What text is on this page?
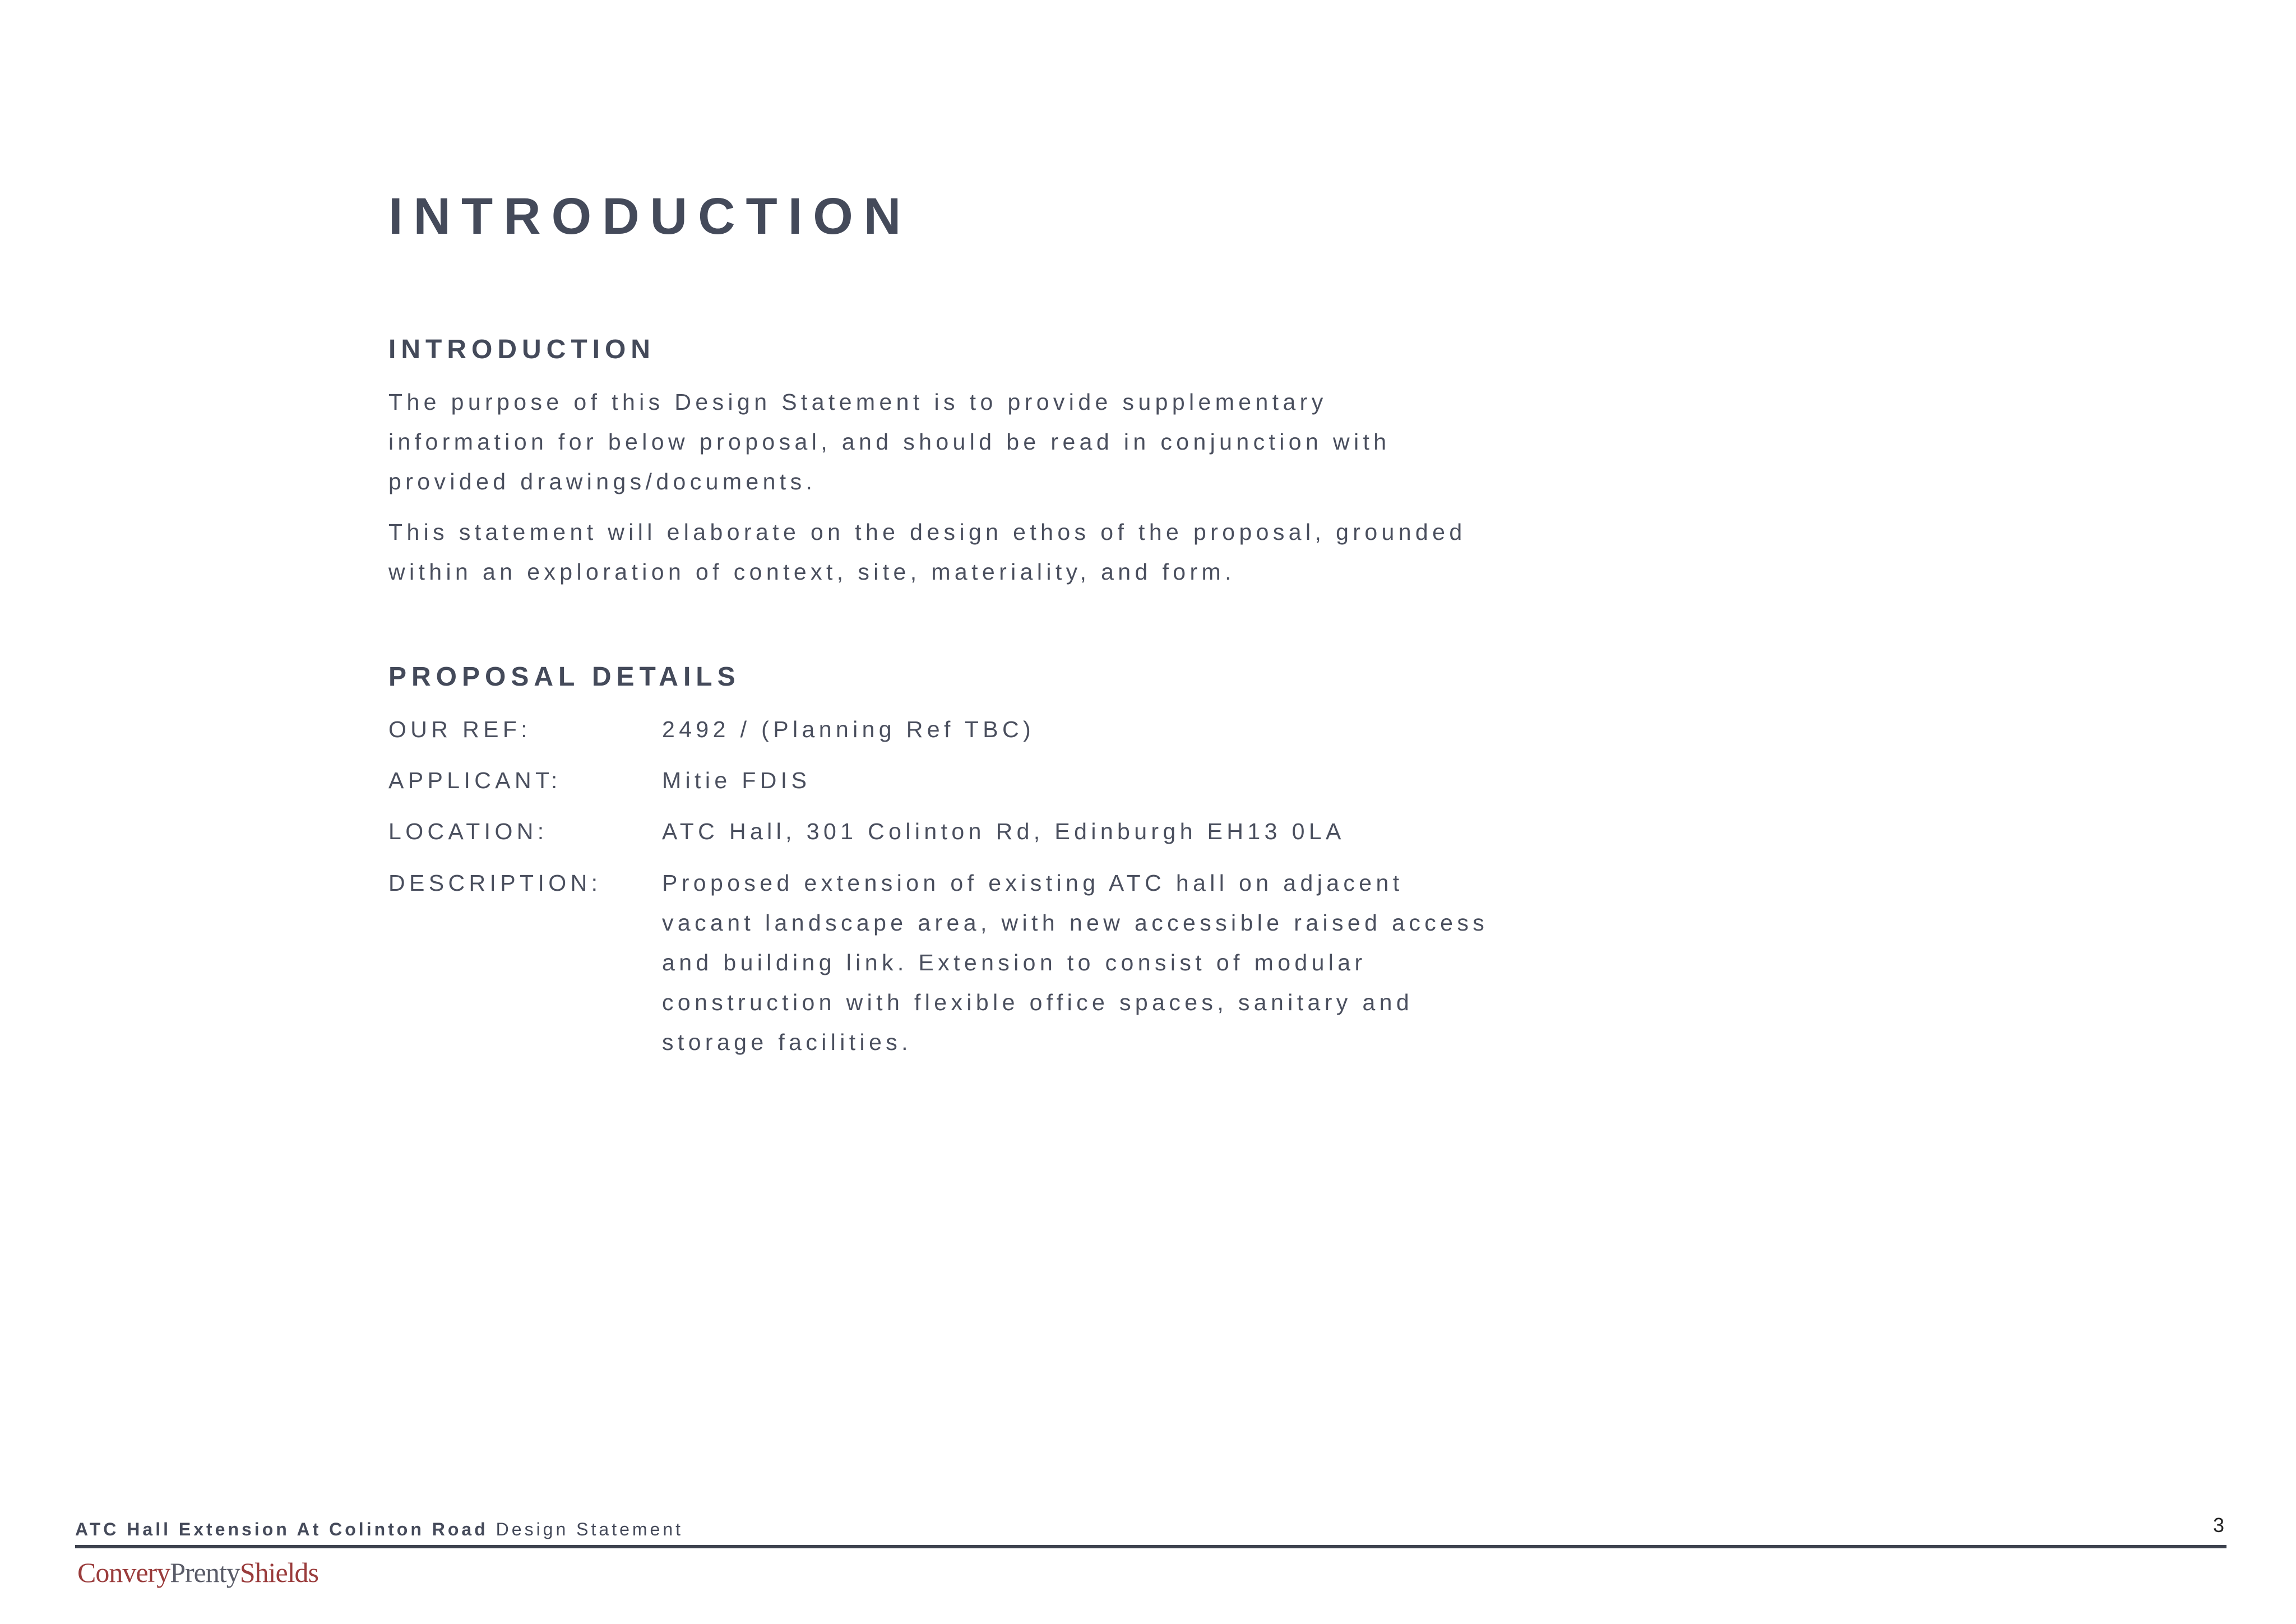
INTRODUCTION
INTRODUCTION

The purpose of this Design Statement is to provide supplementary
information for below proposal, and should be read in conjunction with
provided drawings/documents.

This statement will elaborate on the design ethos of the proposal, grounded
within an exploration of context, site, materiality, and form.

PROPOSAL DETAILS
OUR REF:	2492 / (Planning Ref TBC)
APPLICANT:	Mitie FDIS
LOCATION:	ATC Hall, 301 Colinton Rd, Edinburgh EH13 0LA
DESCRIPTION:	Proposed extension of existing ATC hall on adjacent
vacant landscape area, with new accessible raised access
and building link. Extension to consist of modular
construction with flexible office spaces, sanitary and
storage facilities.
ATC Hall Extension At Colinton Road Design Statement	3
ConveryPrentyShields
